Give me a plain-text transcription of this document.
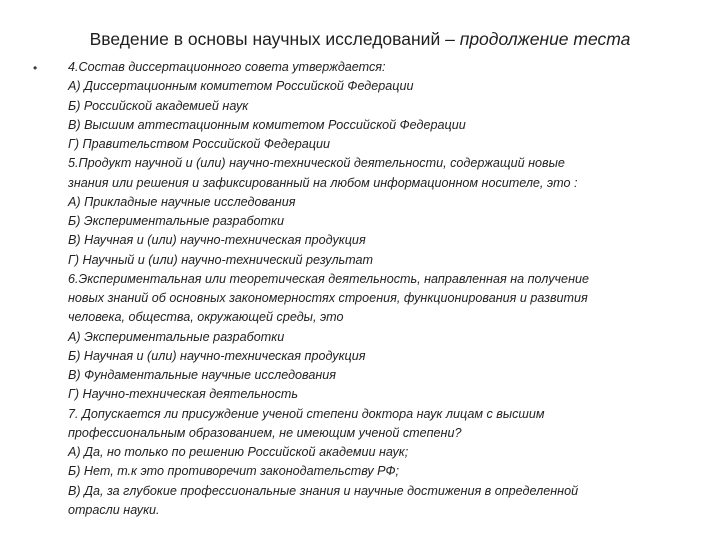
Введение в основы научных исследований – продолжение теста
• 4.Состав диссертационного совета утверждается:
А) Диссертационным комитетом Российской Федерации
Б) Российской академией наук
В) Высшим аттестационным комитетом Российской Федерации
Г) Правительством Российской Федерации
5.Продукт научной и (или) научно-технической деятельности, содержащий новые
знания или решения и зафиксированный на любом информационном носителе, это :
А) Прикладные научные исследования
Б) Экспериментальные разработки
В) Научная и (или) научно-техническая продукция
Г) Научный и (или) научно-технический результат
6.Экспериментальная или теоретическая деятельность, направленная на получение
новых знаний об основных закономерностях строения, функционирования и развития
человека, общества, окружающей среды, это
А) Экспериментальные разработки
Б) Научная и (или) научно-техническая продукция
В) Фундаментальные научные исследования
Г) Научно-техническая деятельность
7. Допускается ли присуждение ученой степени доктора наук лицам с высшим
профессиональным образованием, не имеющим ученой степени?
А) Да, но только по решению Российской академии наук;
Б) Нет, т.к это противоречит законодательству РФ;
В) Да, за глубокие профессиональные знания и научные достижения в определенной
отрасли науки.
